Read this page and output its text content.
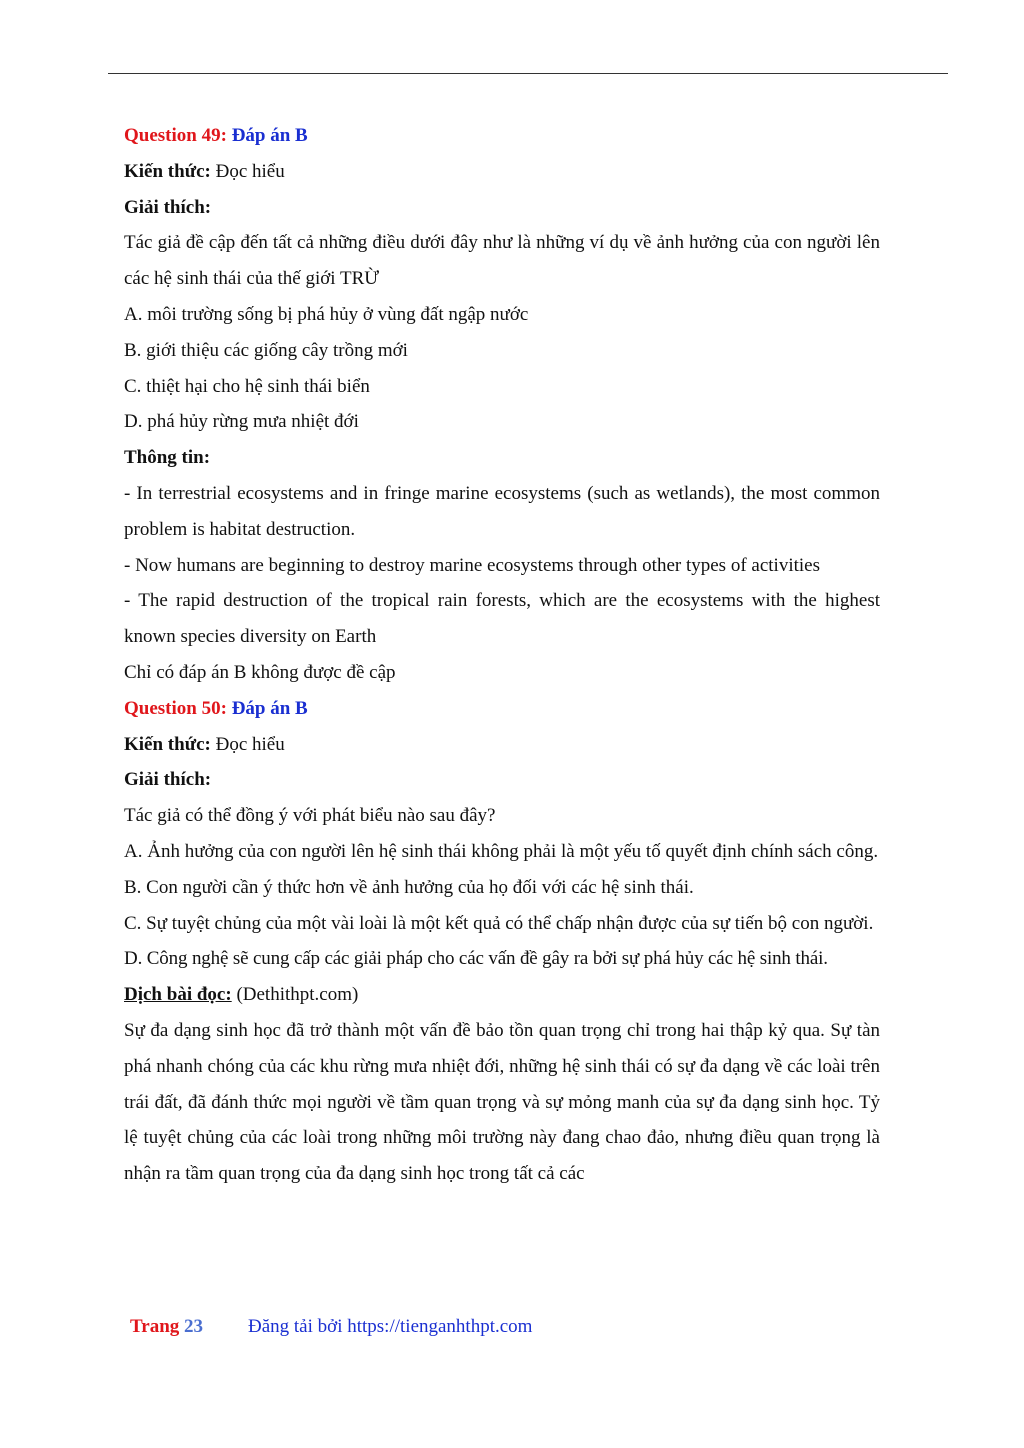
Question 49: Đáp án B
Kiến thức: Đọc hiểu
Giải thích:
Tác giả đề cập đến tất cả những điều dưới đây như là những ví dụ về ảnh hưởng của con người lên các hệ sinh thái của thế giới TRỪ
A. môi trường sống bị phá hủy ở vùng đất ngập nước
B. giới thiệu các giống cây trồng mới
C. thiệt hại cho hệ sinh thái biển
D. phá hủy rừng mưa nhiệt đới
Thông tin:
- In terrestrial ecosystems and in fringe marine ecosystems (such as wetlands), the most common problem is habitat destruction.
- Now humans are beginning to destroy marine ecosystems through other types of activities
- The rapid destruction of the tropical rain forests, which are the ecosystems with the highest known species diversity on Earth
Chỉ có đáp án B không được đề cập
Question 50: Đáp án B
Kiến thức: Đọc hiểu
Giải thích:
Tác giả có thể đồng ý với phát biểu nào sau đây?
A. Ảnh hưởng của con người lên hệ sinh thái không phải là một yếu tố quyết định chính sách công.
B. Con người cần ý thức hơn về ảnh hưởng của họ đối với các hệ sinh thái.
C. Sự tuyệt chủng của một vài loài là một kết quả có thể chấp nhận được của sự tiến bộ con người.
D. Công nghệ sẽ cung cấp các giải pháp cho các vấn đề gây ra bởi sự phá hủy các hệ sinh thái.
Dịch bài đọc: (Dethithpt.com)
Sự đa dạng sinh học đã trở thành một vấn đề bảo tồn quan trọng chỉ trong hai thập kỷ qua. Sự tàn phá nhanh chóng của các khu rừng mưa nhiệt đới, những hệ sinh thái có sự đa dạng về các loài trên trái đất, đã đánh thức mọi người về tầm quan trọng và sự mỏng manh của sự đa dạng sinh học. Tỷ lệ tuyệt chủng của các loài trong những môi trường này đang chao đảo, nhưng điều quan trọng là nhận ra tầm quan trọng của đa dạng sinh học trong tất cả các
Trang 23 Đăng tải bởi https://tienganhthpt.com
